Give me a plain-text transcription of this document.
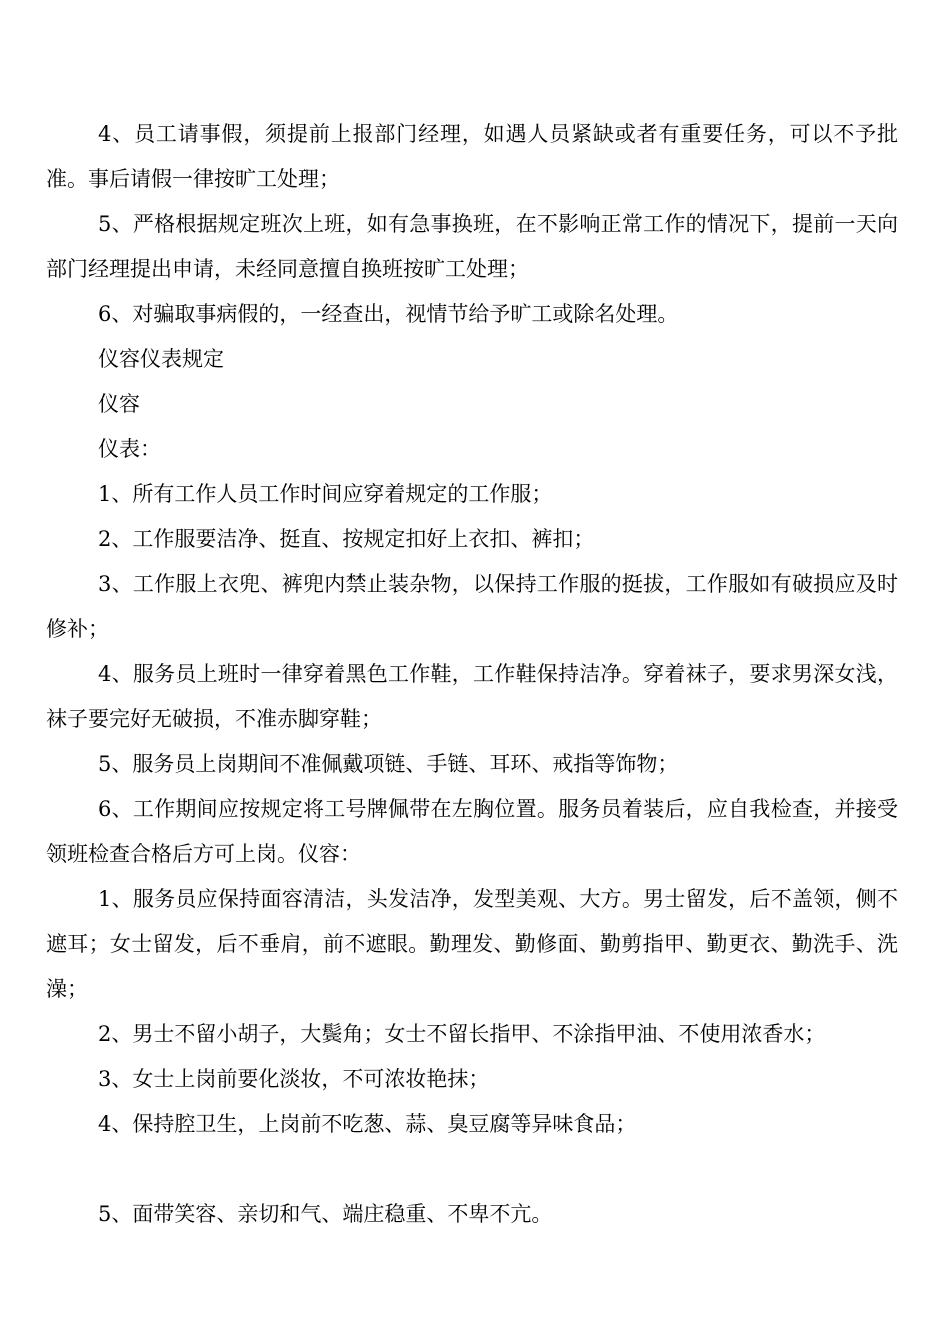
4、员工请事假，须提前上报部门经理，如遇人员紧缺或者有重要任务，可以不予批准。事后请假一律按旷工处理；

5、严格根据规定班次上班，如有急事换班，在不影响正常工作的情况下，提前一天向部门经理提出申请，未经同意擅自换班按旷工处理；

6、对骗取事病假的，一经查出，视情节给予旷工或除名处理。

仪容仪表规定

仪容

仪表：

1、所有工作人员工作时间应穿着规定的工作服；

2、工作服要洁净、挺直、按规定扣好上衣扣、裤扣；

3、工作服上衣兜、裤兜内禁止装杂物，以保持工作服的挺拔，工作服如有破损应及时修补；

4、服务员上班时一律穿着黑色工作鞋，工作鞋保持洁净。穿着袜子，要求男深女浅，袜子要完好无破损，不准赤脚穿鞋；

5、服务员上岗期间不准佩戴项链、手链、耳环、戒指等饰物；

6、工作期间应按规定将工号牌佩带在左胸位置。服务员着装后，应自我检查，并接受领班检查合格后方可上岗。仪容：

1、服务员应保持面容清洁，头发洁净，发型美观、大方。男士留发，后不盖领，侧不遮耳；女士留发，后不垂肩，前不遮眼。勤理发、勤修面、勤剪指甲、勤更衣、勤洗手、洗澡；

2、男士不留小胡子，大鬓角；女士不留长指甲、不涂指甲油、不使用浓香水；

3、女士上岗前要化淡妆，不可浓妆艳抹；

4、保持腔卫生，上岗前不吃葱、蒜、臭豆腐等异味食品；

5、面带笑容、亲切和气、端庄稳重、不卑不亢。
